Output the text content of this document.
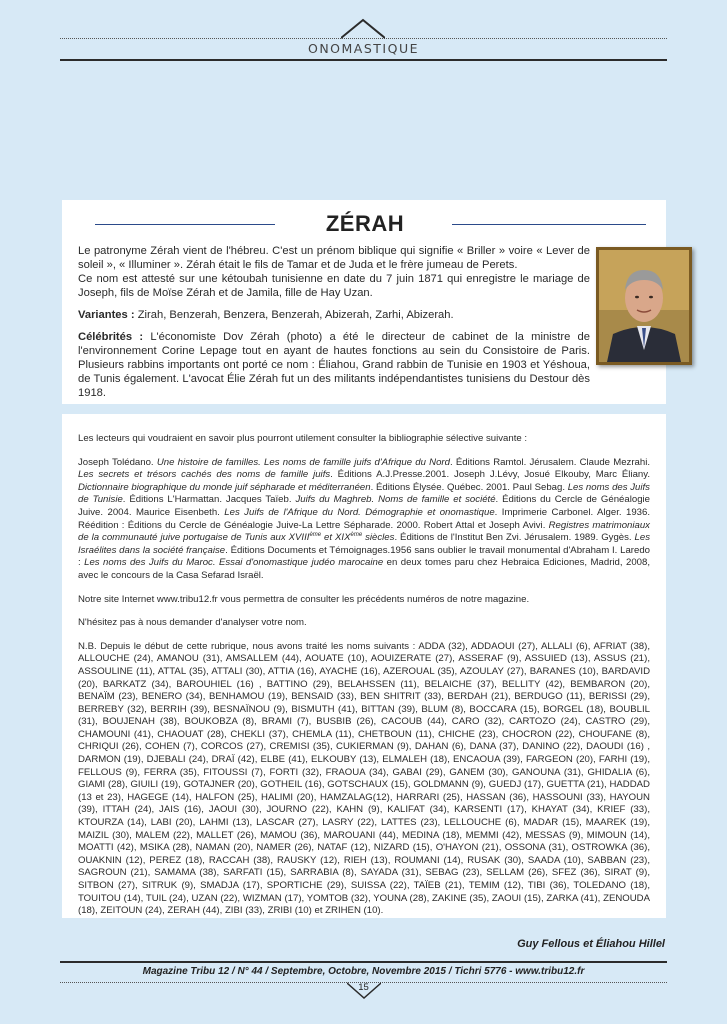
ONOMASTIQUE
ZÉRAH

Le patronyme Zérah vient de l'hébreu. C'est un prénom biblique qui signifie « Briller » voire « Lever de soleil », « Illuminer ». Zérah était le fils de Tamar et de Juda et le frère jumeau de Perets.

Ce nom est attesté sur une kétoubah tunisienne en date du 7 juin 1871 qui enregistre le mariage de Joseph, fils de Moïse Zérah et de Jamila, fille de Hay Uzan.

Variantes : Zirah, Benzerah, Benzera, Benzerah, Abizerah, Zarhi, Abizerah.

Célébrités : L'économiste Dov Zérah (photo) a été le directeur de cabinet de la ministre de l'environnement Corine Lepage tout en ayant de hautes fonctions au sein du Consistoire de Paris. Plusieurs rabbins importants ont porté ce nom : Éliahou, Grand rabbin de Tunisie en 1903 et Yéshoua, de Tunis également. L'avocat Élie Zérah fut un des militants indépendantistes tunisiens du Destour dès 1918.

Les lecteurs qui voudraient en savoir plus pourront utilement consulter la bibliographie sélective suivante :

Joseph Tolédano. Une histoire de familles. Les noms de famille juifs d'Afrique du Nord. Éditions Ramtol. Jérusalem. Claude Mezrahi. Les secrets et trésors cachés des noms de famille juifs. Éditions A.J.Presse.2001. Joseph J.Lévy, Josué Elkouby, Marc Éliany. Dictionnaire biographique du monde juif sépharade et méditerranéen. Éditions Élysée. Québec. 2001. Paul Sebag. Les noms des Juifs de Tunisie. Éditions L'Harmattan. Jacques Taïeb. Juifs du Maghreb. Noms de famille et société. Éditions du Cercle de Généalogie Juive. 2004. Maurice Eisenbeth. Les Juifs de l'Afrique du Nord. Démographie et onomastique. Imprimerie Carbonel. Alger. 1936. Réédition : Éditions du Cercle de Généalogie Juive-La Lettre Sépharade. 2000. Robert Attal et Joseph Avivi. Registres matrimoniaux de la communauté juive portugaise de Tunis aux XVIIIème et XIXème siècles. Éditions de l'Institut Ben Zvi. Jérusalem. 1989. Gygès. Les Israélites dans la société française. Éditions Documents et Témoignages.1956 sans oublier le travail monumental d'Abraham I. Laredo : Les noms des Juifs du Maroc. Essai d'onomastique judéo marocaine en deux tomes paru chez Hebraica Ediciones, Madrid, 2008, avec le concours de la Casa Sefarad Israël.

Notre site Internet www.tribu12.fr vous permettra de consulter les précédents numéros de notre magazine.

N'hésitez pas à nous demander d'analyser votre nom.

N.B. Depuis le début de cette rubrique, nous avons traité les noms suivants : ADDA (32), ADDAOUI (27), ALLALI (6), AFRIAT (38), ALLOUCHE (24), AMANOU (31), AMSALLEM (44), AOUATE (10), AOUIZERATE (27), ASSERAF (9), ASSUIED (13), ASSUS (21), ASSOULINE (11), ATTAL (35), ATTALI (30), ATTIA (16), AYACHE (16), AZEROUAL (35), AZOULAY (27), BARANES (10), BARDAVID (20), BARKATZ (34), BAROUHIEL (16) , BATTINO (29), BELAHSSEN (11), BELAICHE (37), BELLITY (42), BEMBARON (20), BENAÏM (23), BENERO (34), BENHAMOU (19), BENSAID (33), BEN SHITRIT (33), BERDAH (21), BERDUGO (11), BERISSI (29), BERREBY (32), BERRIH (39), BESNAÏNOU (9), BISMUTH (41), BITTAN (39), BLUM (8), BOCCARA (15), BORGEL (18), BOUBLIL (31), BOUJENAH (38), BOUKOBZA (8), BRAMI (7), BUSBIB (26), CACOUB (44), CARO (32), CARTOZO (24), CASTRO (29), CHAMOUNI (41), CHAOUAT (28), CHEKLI (37), CHEMLA (11), CHETBOUN (11), CHICHE (23), CHOCRON (22), CHOUFANE (8), CHRIQUI (26), COHEN (7), CORCOS (27), CREMISI (35), CUKIERMAN (9), DAHAN (6), DANA (37), DANINO (22), DAOUDI (16) , DARMON (19), DJEBALI (24), DRAÏ (42), ELBE (41), ELKOUBY (13), ELMALEH (18), ENCAOUA (39), FARGEON (20), FARHI (19), FELLOUS (9), FERRA (35), FITOUSSI (7), FORTI (32), FRAOUA (34), GABAI (29), GANEM (30), GANOUNA (31), GHIDALIA (6), GIAMI (28), GIUILI (19), GOTAJNER (20), GOTHEIL (16), GOTSCHAUX (15), GOLDMANN (9), GUEDJ (17), GUETTA (21), HADDAD (13 et 23), HAGEGE (14), HALFON (25), HALIMI (20), HAMZALAG(12), HARRARI (25), HASSAN (36), HASSOUNI (33), HAYOUN (39), ITTAH (24), JAIS (16), JAOUI (30), JOURNO (22), KAHN (9), KALIFAT (34), KARSENTI (17), KHAYAT (34), KRIEF (33), KTOURZA (14), LABI (20), LAHMI (13), LASCAR (27), LASRY (22), LATTES (23), LELLOUCHE (6), MADAR (15), MAAREK (19), MAIZIL (30), MALEM (22), MALLET (26), MAMOU (36), MAROUANI (44), MEDINA (18), MEMMI (42), MESSAS (9), MIMOUN (14), MOATTI (42), MSIKA (28), NAMAN (20), NAMER (26), NATAF (12), NIZARD (15), O'HAYON (21), OSSONA (31), OSTROWKA (36), OUAKNIN (12), PEREZ (18), RACCAH (38), RAUSKY (12), RIEH (13), ROUMANI (14), RUSAK (30), SAADA (10), SABBAN (23), SAGROUN (21), SAMAMA (38), SARFATI (15), SARRABIA (8), SAYADA (31), SEBAG (23), SELLAM (26), SFEZ (36), SIRAT (9), SITBON (27), SITRUK (9), SMADJA (17), SPORTICHE (29), SUISSA (22), TAÏEB (21), TEMIM (12), TIBI (36), TOLEDANO (18), TOUITOU (14), TUIL (24), UZAN (22), WIZMAN (17), YOMTOB (32), YOUNA (28), ZAKINE (35), ZAOUI (15), ZARKA (41), ZENOUDA (18), ZEITOUN (24), ZERAH (44), ZIBI (33), ZRIBI (10) et ZRIHEN (10).

Guy Fellous et Éliahou Hillel
Magazine Tribu 12 / N° 44 / Septembre, Octobre, Novembre 2015 / Tichri 5776 - www.tribu12.fr
15
